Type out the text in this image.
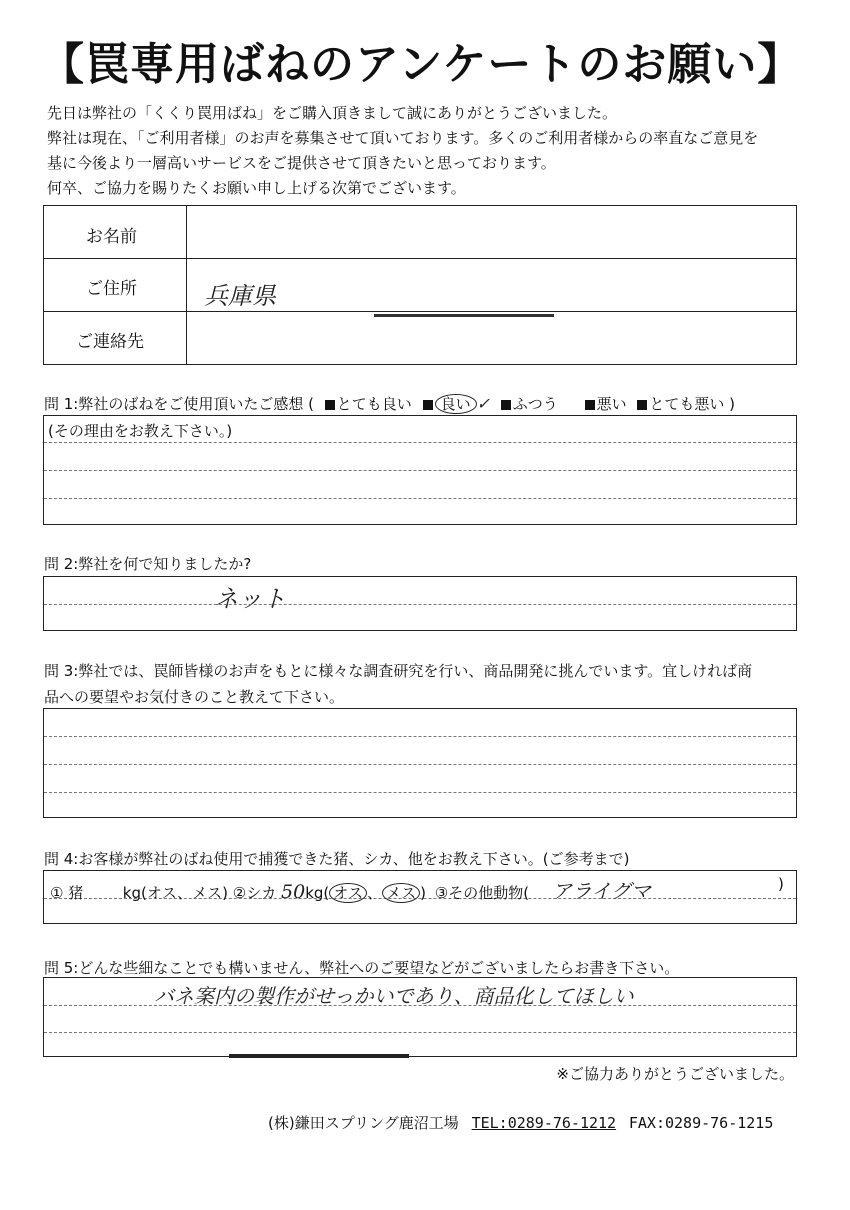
【罠専用ばねのアンケートのお願い】
先日は弊社の「くくり罠用ばね」をご購入頂きまして誠にありがとうございました。
弊社は現在、「ご利用者様」のお声を募集させて頂いております。多くのご利用者様からの率直なご意見を
基に今後より一層高いサービスをご提供させて頂きたいと思っております。
何卒、ご協力を賜りたくお願い申し上げる次第でございます。
お名前
ご住所	兵庫県
ご連絡先
問 1:弊社のばねをご使用頂いたご感想 ( とても良い 良い ✓ ふつう	悪い とても悪い )
(その理由をお教え下さい。)
問 2:弊社を何で知りましたか?
ネット
問 3:弊社では、罠師皆様のお声をもとに様々な調査研究を行い、商品開発に挑んでいます。宜しければ商
品への要望やお気付きのこと教えて下さい。
問 4:お客様が弊社のばね使用で捕獲できた猪、シカ、他をお教え下さい。(ご参考まで)
① 猪	kg(オス、メス) ②シカ 50kg( オス 、 メス ) ③その他動物( アライグマ	)
問 5:どんな些細なことでも構いません、弊社へのご要望などがございましたらお書き下さい。
バネ案内の製作がせっかいであり、商品化してほしい
※ご協力ありがとうございました。
(株)鎌田スプリング鹿沼工場 TEL:0289-76-1212 FAX:0289-76-1215
